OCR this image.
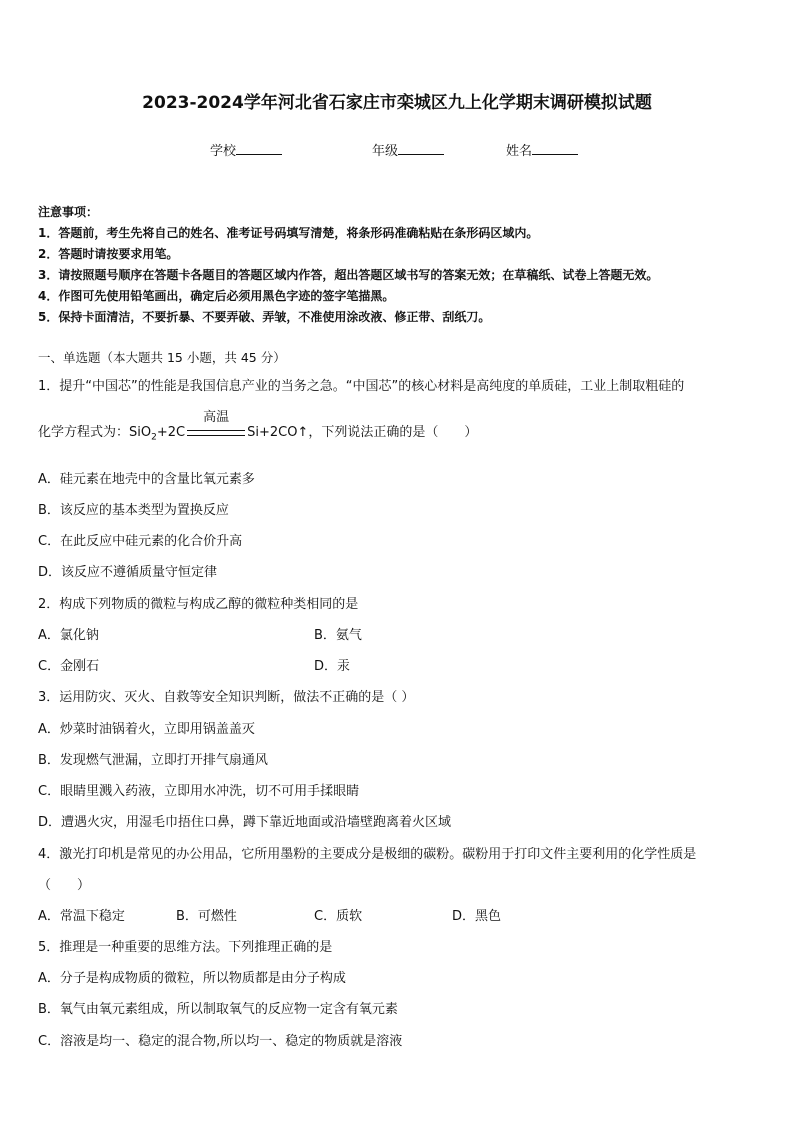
2023-2024学年河北省石家庄市栾城区九上化学期末调研模拟试题
学校	年级	姓名
注意事项：
1．答题前，考生先将自己的姓名、准考证号码填写清楚，将条形码准确粘贴在条形码区域内。
2．答题时请按要求用笔。
3．请按照题号顺序在答题卡各题目的答题区域内作答，超出答题区域书写的答案无效；在草稿纸、试卷上答题无效。
4．作图可先使用铅笔画出，确定后必须用黑色字迹的签字笔描黑。
5．保持卡面清洁，不要折暴、不要弄破、弄皱，不准使用涂改液、修正带、刮纸刀。
一、单选题（本大题共 15 小题，共 45 分）
1．提升“中国芯”的性能是我国信息产业的当务之急。“中国芯”的核心材料是高纯度的单质硅，工业上制取粗硅的
化学方程式为：SiO$_2$+2C
高温
Si+2CO↑，下列说法正确的是（　　）
A．硅元素在地壳中的含量比氧元素多
B．该反应的基本类型为置换反应
C．在此反应中硅元素的化合价升高
D．该反应不遵循质量守恒定律
2．构成下列物质的微粒与构成乙醇的微粒种类相同的是
A．氯化钠	B．氨气
C．金刚石	D．汞
3．运用防灾、灭火、自救等安全知识判断，做法不正确的是（ ）
A．炒菜时油锅着火，立即用锅盖盖灭
B．发现燃气泄漏，立即打开排气扇通风
C．眼睛里溅入药液，立即用水冲洗，切不可用手揉眼睛
D．遭遇火灾，用湿毛巾捂住口鼻，蹲下靠近地面或沿墙壁跑离着火区域
4．激光打印机是常见的办公用品，它所用墨粉的主要成分是极细的碳粉。碳粉用于打印文件主要利用的化学性质是
（　　）
A．常温下稳定	B．可燃性	C．质软	D．黑色
5．推理是一种重要的思维方法。下列推理正确的是
A．分子是构成物质的微粒，所以物质都是由分子构成
B．氧气由氧元素组成，所以制取氧气的反应物一定含有氧元素
C．溶液是均一、稳定的混合物,所以均一、稳定的物质就是溶液
